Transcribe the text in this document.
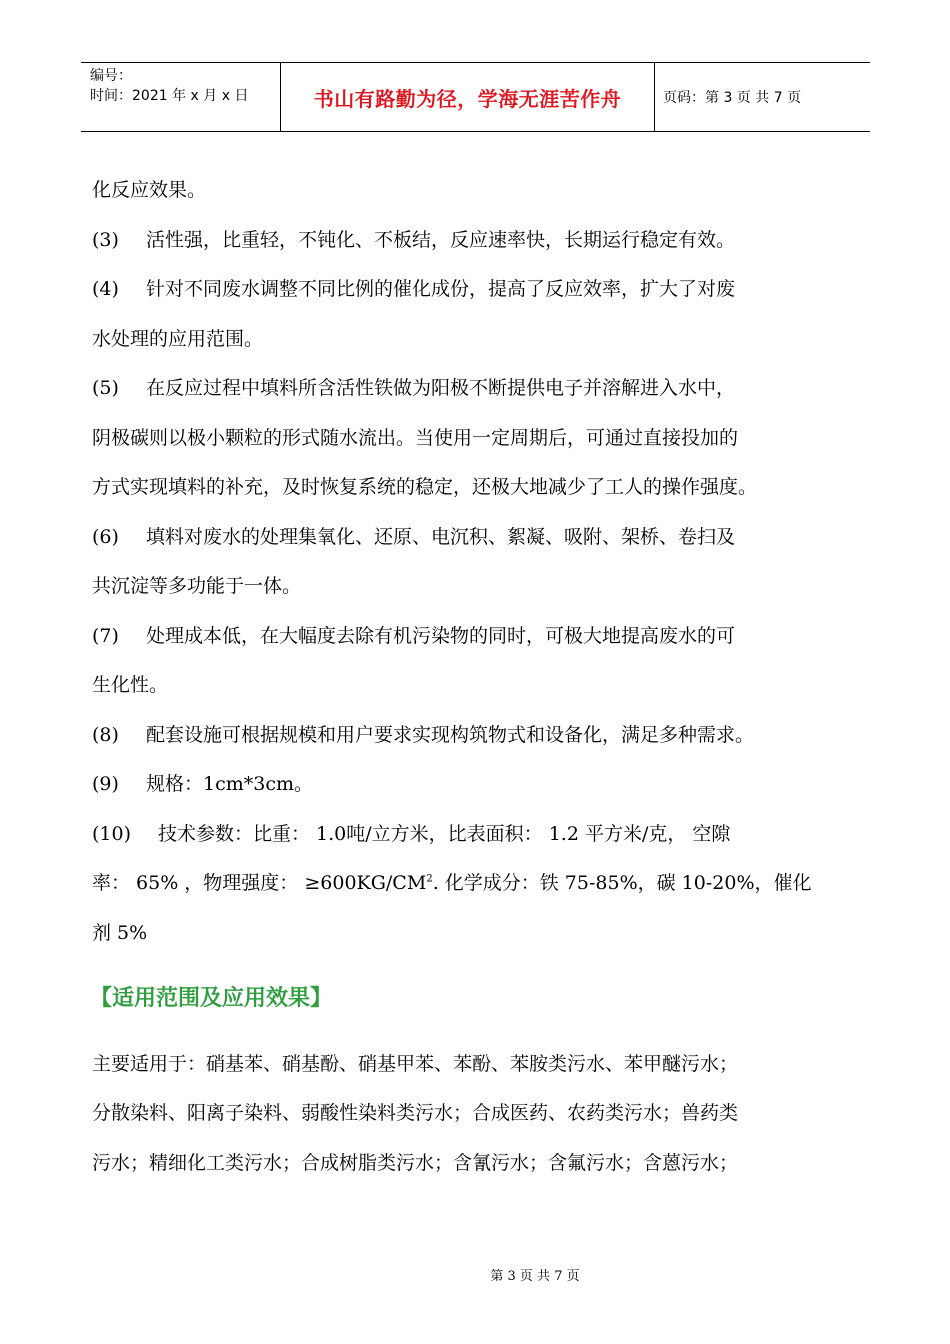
编号：
时间：2021 年 x 月 x 日	书山有路勤为径，学海无涯苦作舟	页码：第 3 页 共 7 页
化反应效果。
(3) 活性强，比重轻，不钝化、不板结，反应速率快，长期运行稳定有效。
(4) 针对不同废水调整不同比例的催化成份，提高了反应效率，扩大了对废
水处理的应用范围。
(5) 在反应过程中填料所含活性铁做为阳极不断提供电子并溶解进入水中，
阴极碳则以极小颗粒的形式随水流出。当使用一定周期后，可通过直接投加的
方式实现填料的补充，及时恢复系统的稳定，还极大地减少了工人的操作强度。
(6) 填料对废水的处理集氧化、还原、电沉积、絮凝、吸附、架桥、卷扫及
共沉淀等多功能于一体。
(7) 处理成本低，在大幅度去除有机污染物的同时，可极大地提高废水的可
生化性。
(8) 配套设施可根据规模和用户要求实现构筑物式和设备化，满足多种需求。
(9) 规格：1cm*3cm。
(10) 技术参数：比重： 1.0吨/立方米，比表面积： 1.2 平方米/克， 空隙
率： 65% ，物理强度： $\ge 600KG/CM^2$. 化学成分：铁 75-85%，碳 10-20%，催化
剂 5%
【适用范围及应用效果】
主要适用于：硝基苯、硝基酚、硝基甲苯、苯酚、苯胺类污水、苯甲醚污水；
分散染料、阳离子染料、弱酸性染料类污水；合成医药、农药类污水；兽药类
污水；精细化工类污水；合成树脂类污水；含氰污水；含氟污水；含蒽污水；
第 3 页 共 7 页
